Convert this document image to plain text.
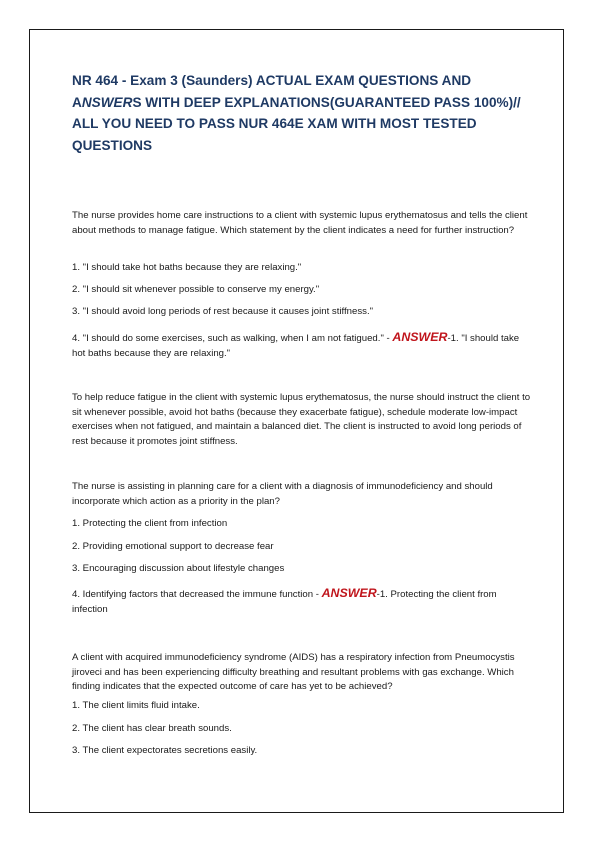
NR 464 - Exam 3 (Saunders) ACTUAL EXAM QUESTIONS AND ANSWERS WITH DEEP EXPLANATIONS(GUARANTEED PASS 100%)// ALL YOU NEED TO PASS NUR 464E XAM WITH MOST TESTED QUESTIONS

The nurse provides home care instructions to a client with systemic lupus erythematosus and tells the client about methods to manage fatigue. Which statement by the client indicates a need for further instruction?

1. "I should take hot baths because they are relaxing."

2. "I should sit whenever possible to conserve my energy."

3. "I should avoid long periods of rest because it causes joint stiffness."

4. "I should do some exercises, such as walking, when I am not fatigued." - ANSWER-1. "I should take hot baths because they are relaxing."

To help reduce fatigue in the client with systemic lupus erythematosus, the nurse should instruct the client to sit whenever possible, avoid hot baths (because they exacerbate fatigue), schedule moderate low-impact exercises when not fatigued, and maintain a balanced diet. The client is instructed to avoid long periods of rest because it promotes joint stiffness.

The nurse is assisting in planning care for a client with a diagnosis of immunodeficiency and should incorporate which action as a priority in the plan?

1. Protecting the client from infection

2. Providing emotional support to decrease fear

3. Encouraging discussion about lifestyle changes

4. Identifying factors that decreased the immune function - ANSWER-1. Protecting the client from infection

A client with acquired immunodeficiency syndrome (AIDS) has a respiratory infection from Pneumocystis jiroveci and has been experiencing difficulty breathing and resultant problems with gas exchange. Which finding indicates that the expected outcome of care has yet to be achieved?

1. The client limits fluid intake.

2. The client has clear breath sounds.

3. The client expectorates secretions easily.
